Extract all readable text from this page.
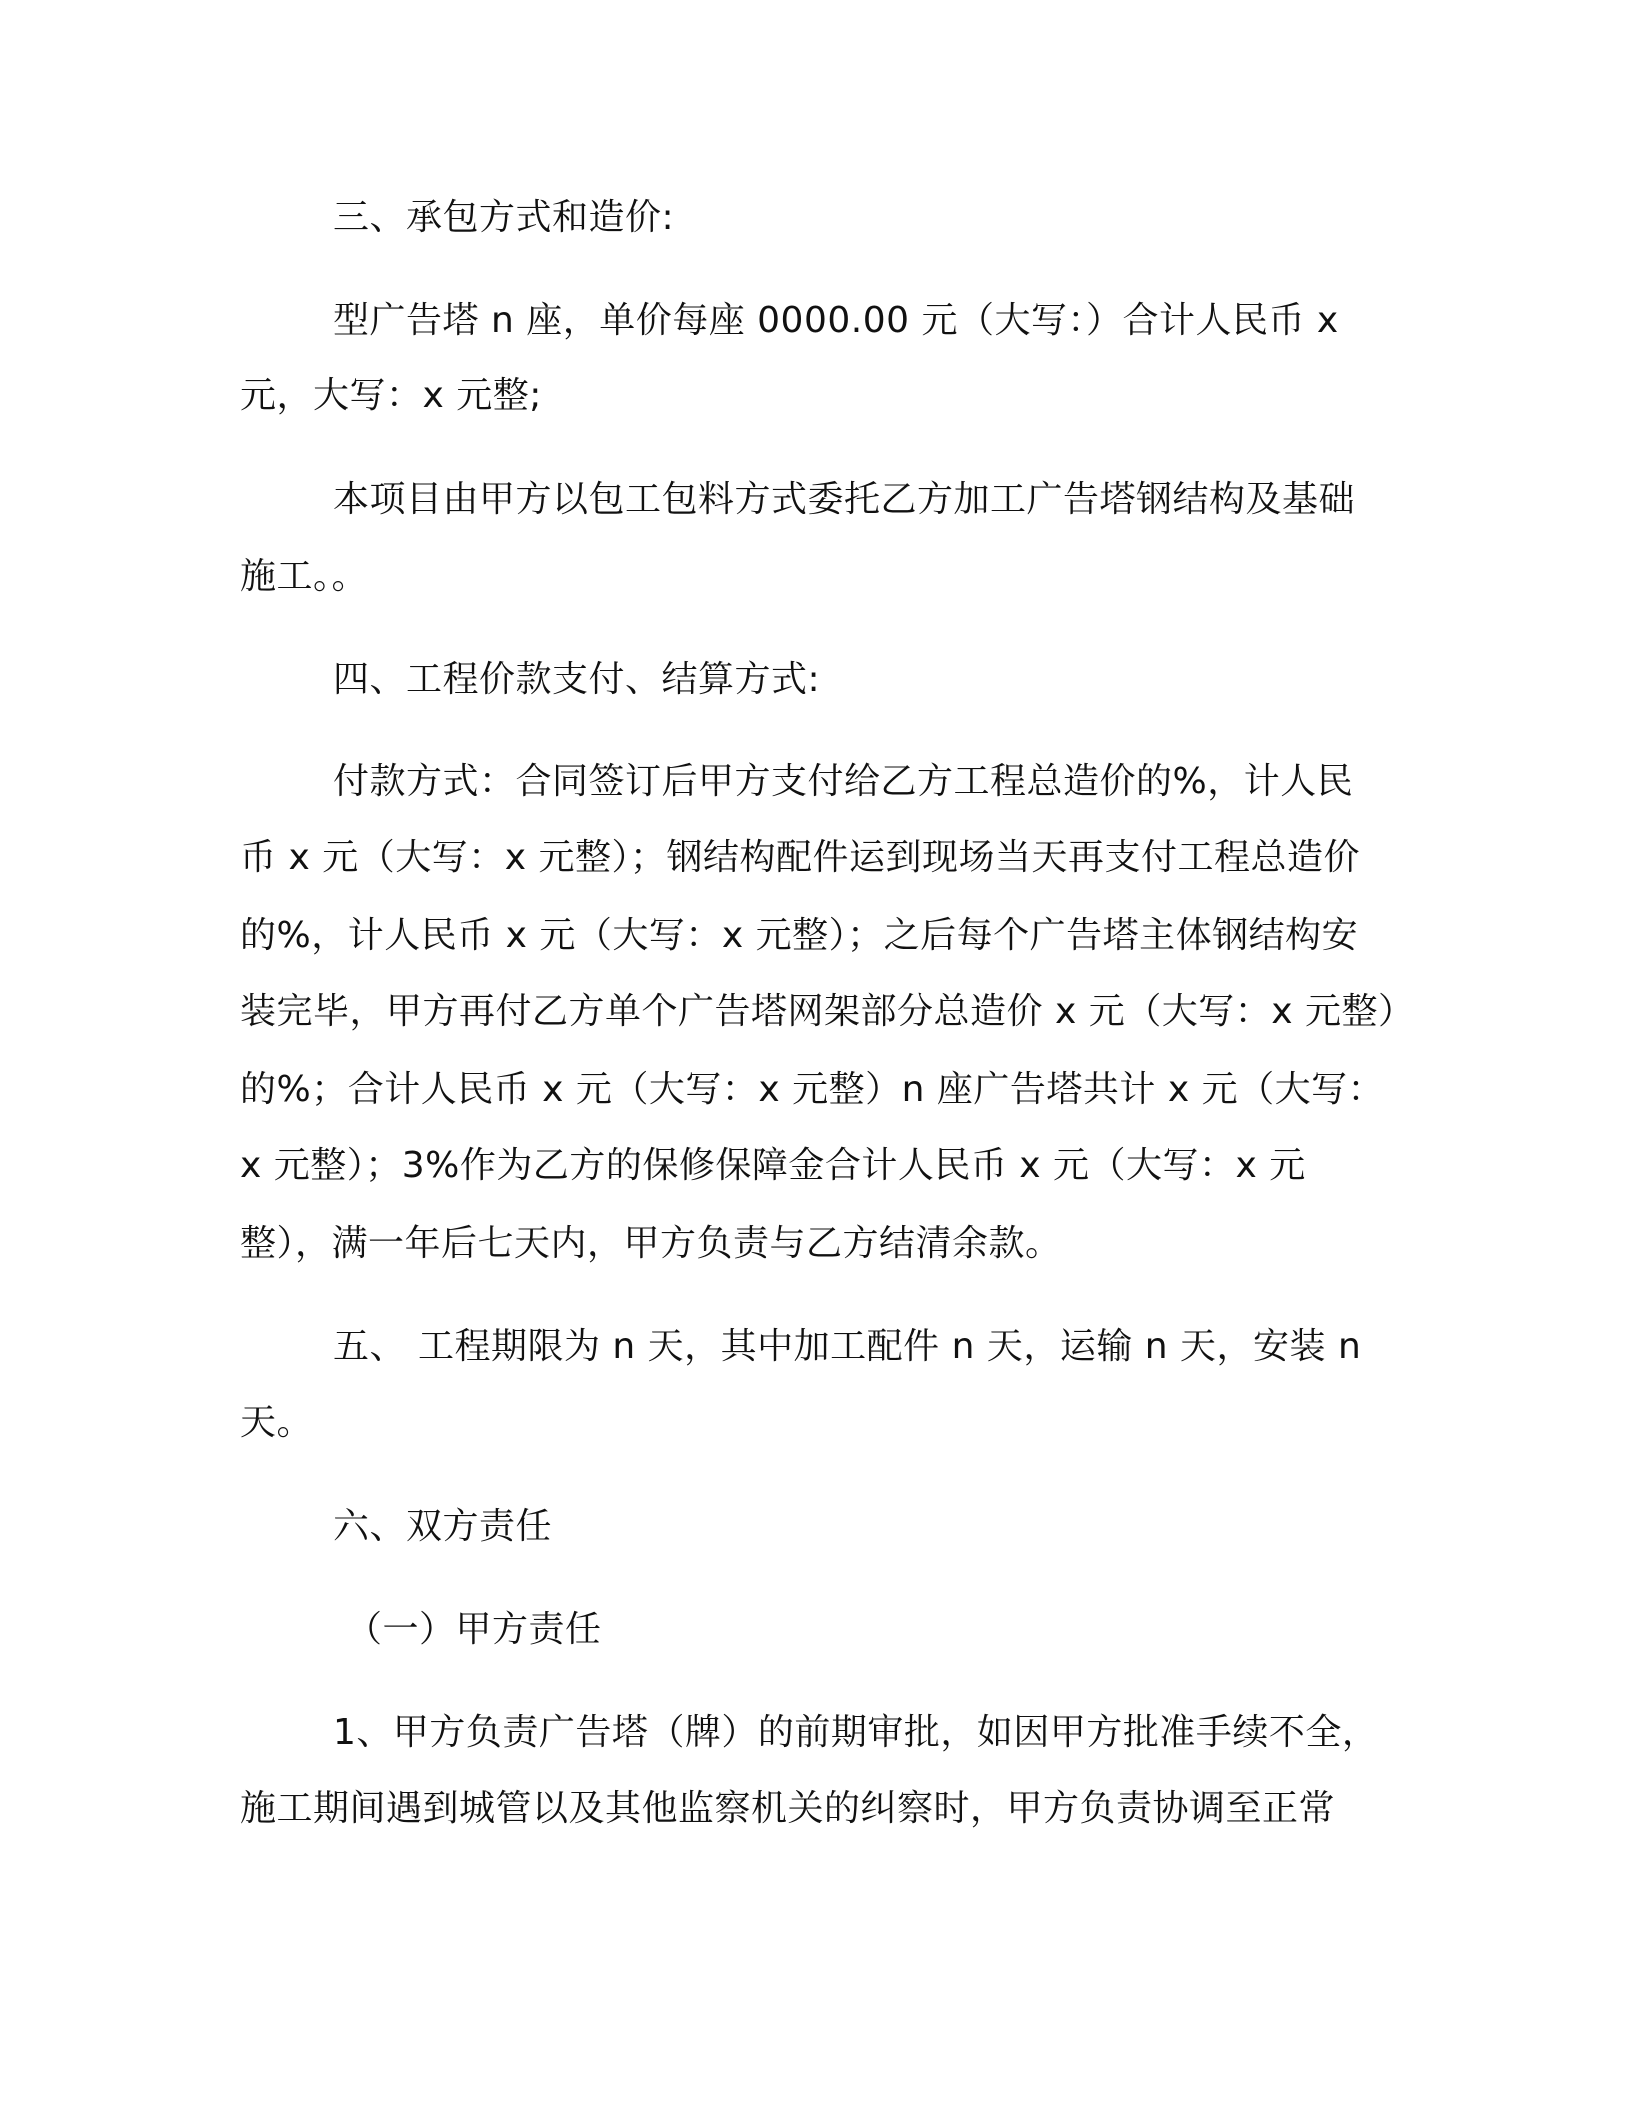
三、承包方式和造价:
型广告塔 n 座，单价每座 0000.00 元（大写：）合计人民币 x
元，大写：x 元整;
本项目由甲方以包工包料方式委托乙方加工广告塔钢结构及基础
施工。。
四、工程价款支付、结算方式:
付款方式：合同签订后甲方支付给乙方工程总造价的%，计人民
币 x 元（大写：x 元整）；钢结构配件运到现场当天再支付工程总造价
的%，计人民币 x 元（大写：x 元整）；之后每个广告塔主体钢结构安
装完毕，甲方再付乙方单个广告塔网架部分总造价 x 元（大写：x 元整）
的%；合计人民币 x 元（大写：x 元整）n 座广告塔共计 x 元（大写：
x 元整）；3%作为乙方的保修保障金合计人民币 x 元（大写：x 元
整），满一年后七天内，甲方负责与乙方结清余款。
五、 工程期限为 n 天，其中加工配件 n 天，运输 n 天，安装 n
天。
六、双方责任
（一）甲方责任
1、甲方负责广告塔（牌）的前期审批，如因甲方批准手续不全，
施工期间遇到城管以及其他监察机关的纠察时，甲方负责协调至正常
